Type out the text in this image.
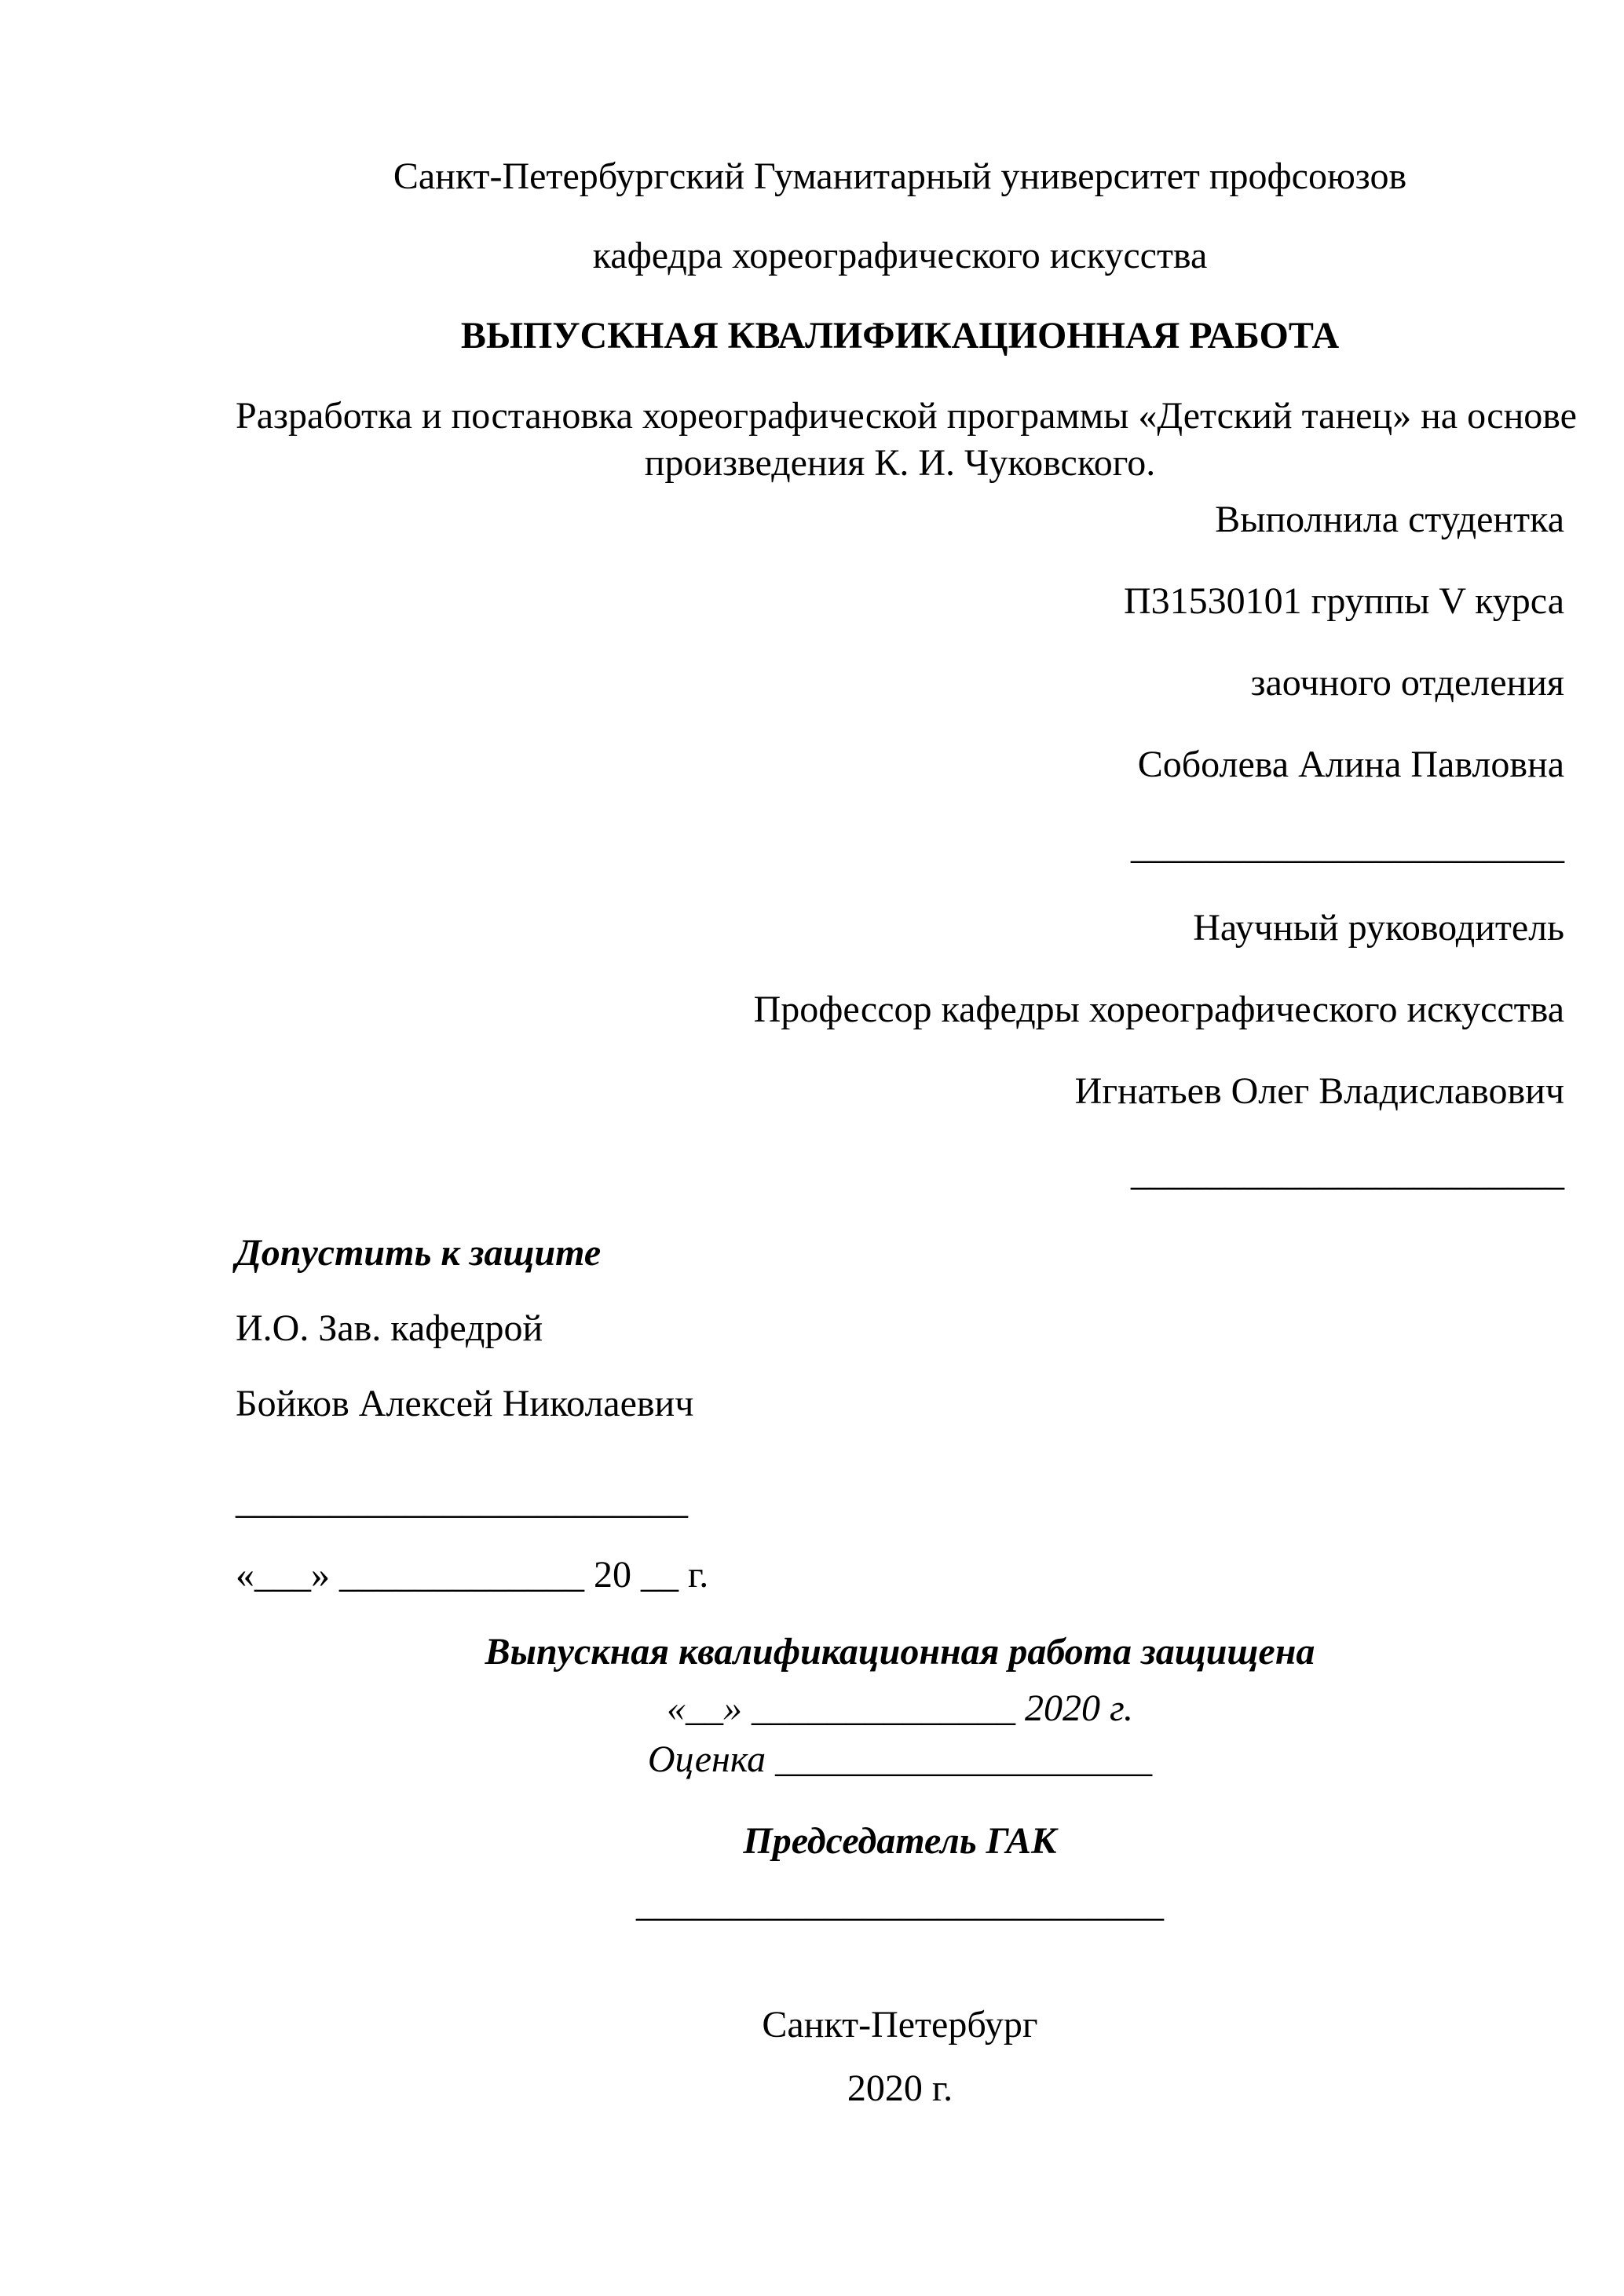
Санкт-Петербургский Гуманитарный университет профсоюзов
кафедра хореографического искусства
ВЫПУСКНАЯ КВАЛИФИКАЦИОННАЯ РАБОТА
Разработка и постановка хореографической программы «Детский танец» на основе
произведения К. И. Чуковского.
Выполнила студентка
П31530101 группы V курса
заочного отделения
Соболева Алина Павловна
_______________________
Научный руководитель
Профессор кафедры хореографического искусства
Игнатьев Олег Владиславович
_______________________
Допустить к защите
И.О. Зав. кафедрой
Бойков Алексей Николаевич
________________________
«___» _____________ 20 __ г.
Выпускная квалификационная работа защищена
«__» ______________ 2020 г.
Оценка ____________________
Председатель ГАК
____________________________
Санкт-Петербург
2020 г.
